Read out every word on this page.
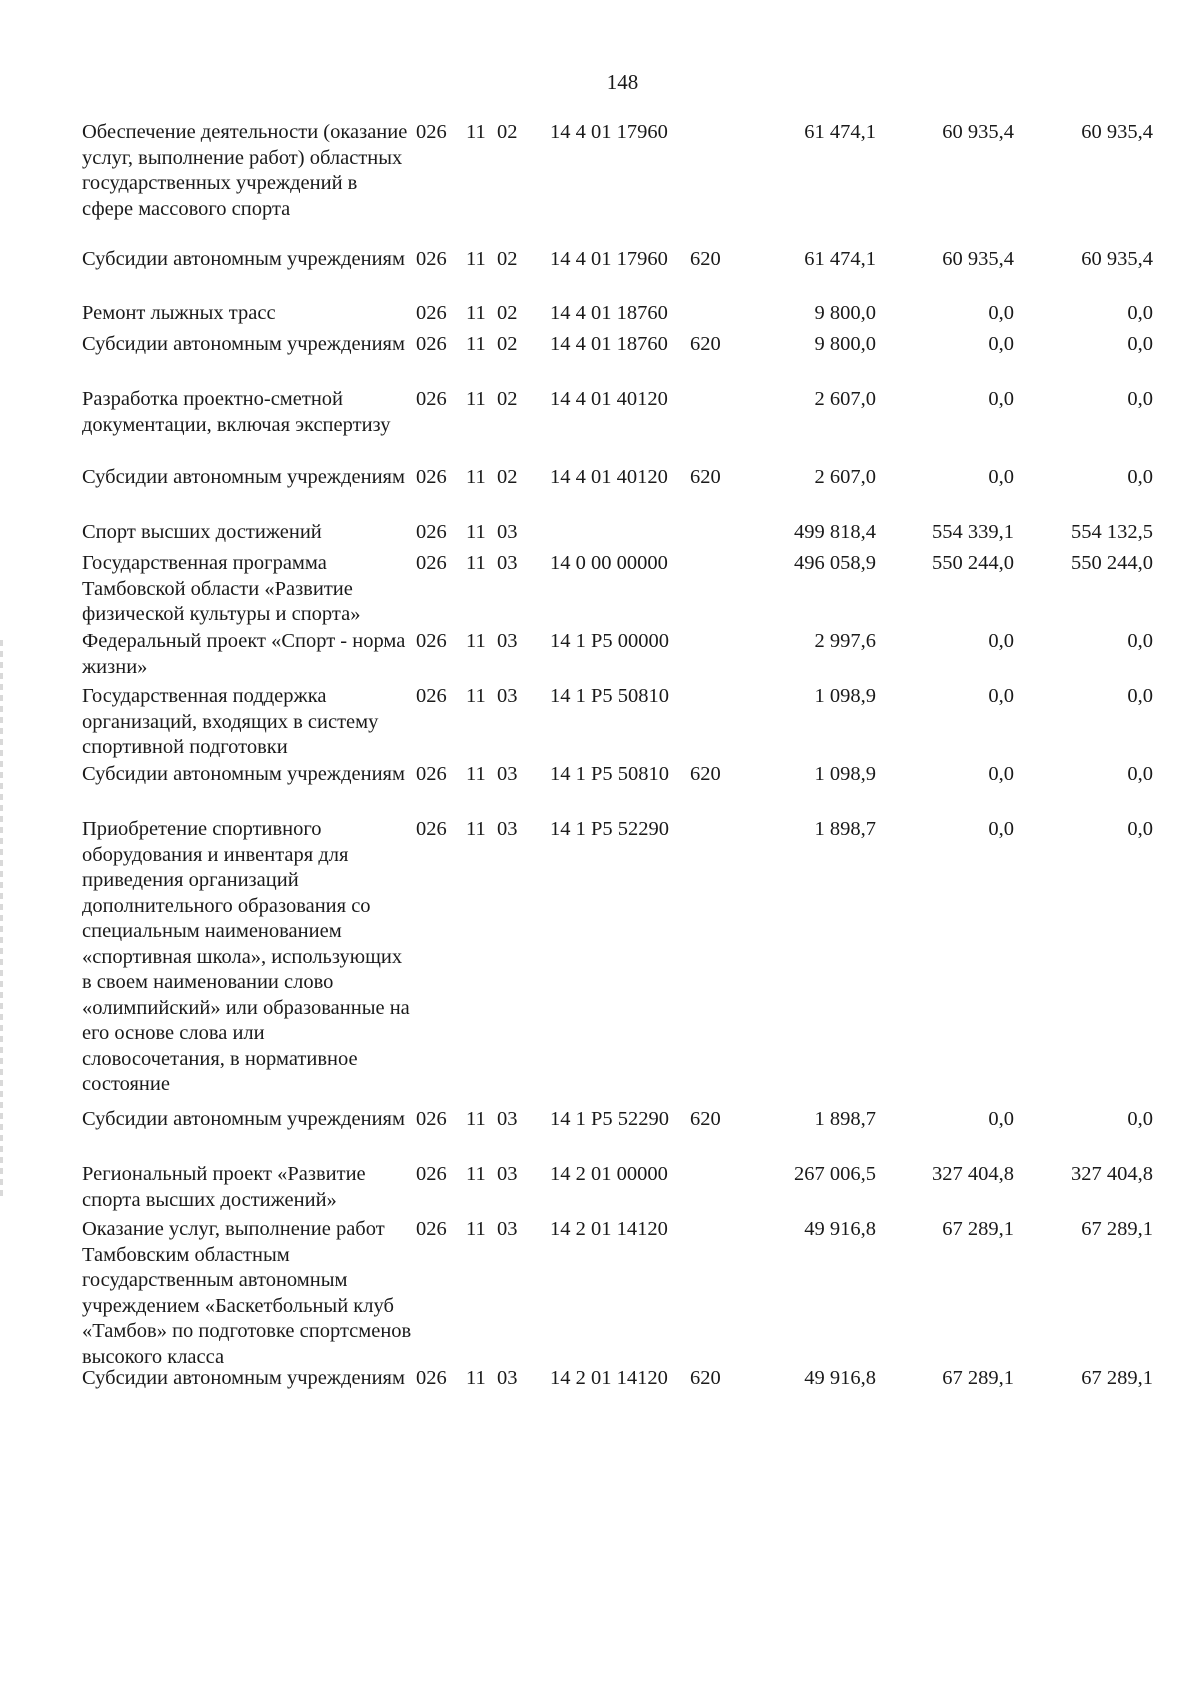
148
Обеспечение деятельности (оказание услуг, выполнение работ) областных государственных учреждений в сфере массового спорта
026 11 02 14 4 01 17960	61 474,1	60 935,4	60 935,4
Субсидии автономным учреждениям 026 11 02 14 4 01 17960 620	61 474,1	60 935,4	60 935,4
Ремонт лыжных трасс	026 11 02 14 4 01 18760	9 800,0	0,0	0,0
Субсидии автономным учреждениям 026 11 02 14 4 01 18760 620	9 800,0	0,0	0,0
Разработка проектно-сметной документации, включая экспертизу
026 11 02 14 4 01 40120	2 607,0	0,0	0,0
Субсидии автономным учреждениям 026 11 02 14 4 01 40120 620	2 607,0	0,0	0,0
Спорт высших достижений	026 11 03	499 818,4	554 339,1	554 132,5
Государственная программа Тамбовской области «Развитие физической культуры и спорта»
026 11 03 14 0 00 00000	496 058,9	550 244,0	550 244,0
Федеральный проект «Спорт - норма жизни»
026 11 03 14 1 P5 00000	2 997,6	0,0	0,0
Государственная поддержка организаций, входящих в систему спортивной подготовки
026 11 03 14 1 P5 50810	1 098,9	0,0	0,0
Субсидии автономным учреждениям 026 11 03 14 1 P5 50810 620	1 098,9	0,0	0,0
Приобретение спортивного оборудования и инвентаря для приведения организаций дополнительного образования со специальным наименованием «спортивная школа», использующих в своем наименовании слово «олимпийский» или образованные на его основе слова или словосочетания, в нормативное состояние
026 11 03 14 1 P5 52290	1 898,7	0,0	0,0
Субсидии автономным учреждениям 026 11 03 14 1 P5 52290 620	1 898,7	0,0	0,0
Региональный проект «Развитие спорта высших достижений»
026 11 03 14 2 01 00000	267 006,5	327 404,8	327 404,8
Оказание услуг, выполнение работ Тамбовским областным государственным автономным учреждением «Баскетбольный клуб «Тамбов» по подготовке спортсменов высокого класса
026 11 03 14 2 01 14120	49 916,8	67 289,1	67 289,1
Субсидии автономным учреждениям 026 11 03 14 2 01 14120 620	49 916,8	67 289,1	67 289,1
